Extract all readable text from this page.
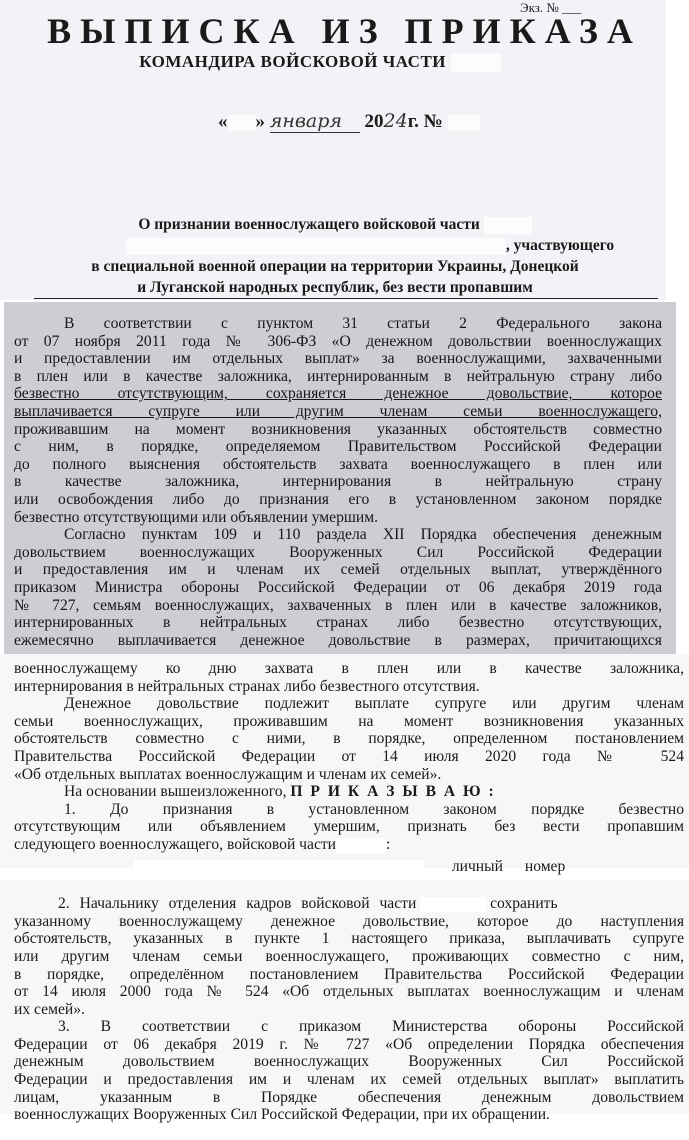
Экз. № ___
ВЫПИСКА ИЗ ПРИКАЗА
КОМАНДИРА ВОЙСКОВОЙ ЧАСТИ
« » января 2024г. №
О признании военнослужащего войсковой части
, участвующего
в специальной военной операции на территории Украины, Донецкой
и Луганской народных республик, без вести пропавшим
В соответствии с пунктом 31 статьи 2 Федерального закона
от 07 ноября 2011 года № 306-ФЗ «О денежном довольствии военнослужащих
и предоставлении им отдельных выплат» за военнослужащими, захваченными
в плен или в качестве заложника, интернированным в нейтральную страну либо
безвестно отсутствующим, сохраняется денежное довольствие, которое
выплачивается супруге или другим членам семьи военнослужащего,
проживавшим на момент возникновения указанных обстоятельств совместно
с ним, в порядке, определяемом Правительством Российской Федерации
до полного выяснения обстоятельств захвата военнослужащего в плен или
в качестве заложника, интернирования в нейтральную страну
или освобождения либо до признания его в установленном законом порядке
безвестно отсутствующими или объявлении умершим.
Согласно пунктам 109 и 110 раздела XII Порядка обеспечения денежным
довольствием военнослужащих Вооруженных Сил Российской Федерации
и предоставления им и членам их семей отдельных выплат, утверждённого
приказом Министра обороны Российской Федерации от 06 декабря 2019 года
№ 727, семьям военнослужащих, захваченных в плен или в качестве заложников,
интернированных в нейтральных странах либо безвестно отсутствующих,
ежемесячно выплачивается денежное довольствие в размерах, причитающихся
военнослужащему ко дню захвата в плен или в качестве заложника,
интернирования в нейтральных странах либо безвестного отсутствия.
Денежное довольствие подлежит выплате супруге или другим членам
семьи военнослужащих, проживавшим на момент возникновения указанных
обстоятельств совместно с ними, в порядке, определенном постановлением
Правительства Российской Федерации от 14 июля 2020 года № 524
«Об отдельных выплатах военнослужащим и членам их семей».
На основании вышеизложенного, П Р И К А З Ы В А Ю :
1. До признания в установленном законом порядке безвестно
отсутствующим или объявлением умершим, признать без вести пропавшим
следующего военнослужащего, войсковой части	:
личный номер
2. Начальнику отделения кадров войсковой части	сохранить
указанному военнослужащему денежное довольствие, которое до наступления
обстоятельств, указанных в пункте 1 настоящего приказа, выплачивать супруге
или другим членам семьи военнослужащего, проживающих совместно с ним,
в порядке, определённом постановлением Правительства Российской Федерации
от 14 июля 2000 года № 524 «Об отдельных выплатах военнослужащим и членам
их семей».
3. В соответствии с приказом Министерства обороны Российской
Федерации от 06 декабря 2019 г. № 727 «Об определении Порядка обеспечения
денежным довольствием военнослужащих Вооруженных Сил Российской
Федерации и предоставления им и членам их семей отдельных выплат» выплатить
лицам, указанным в Порядке обеспечения денежным довольствием
военнослужащих Вооруженных Сил Российской Федерации, при их обращении.
